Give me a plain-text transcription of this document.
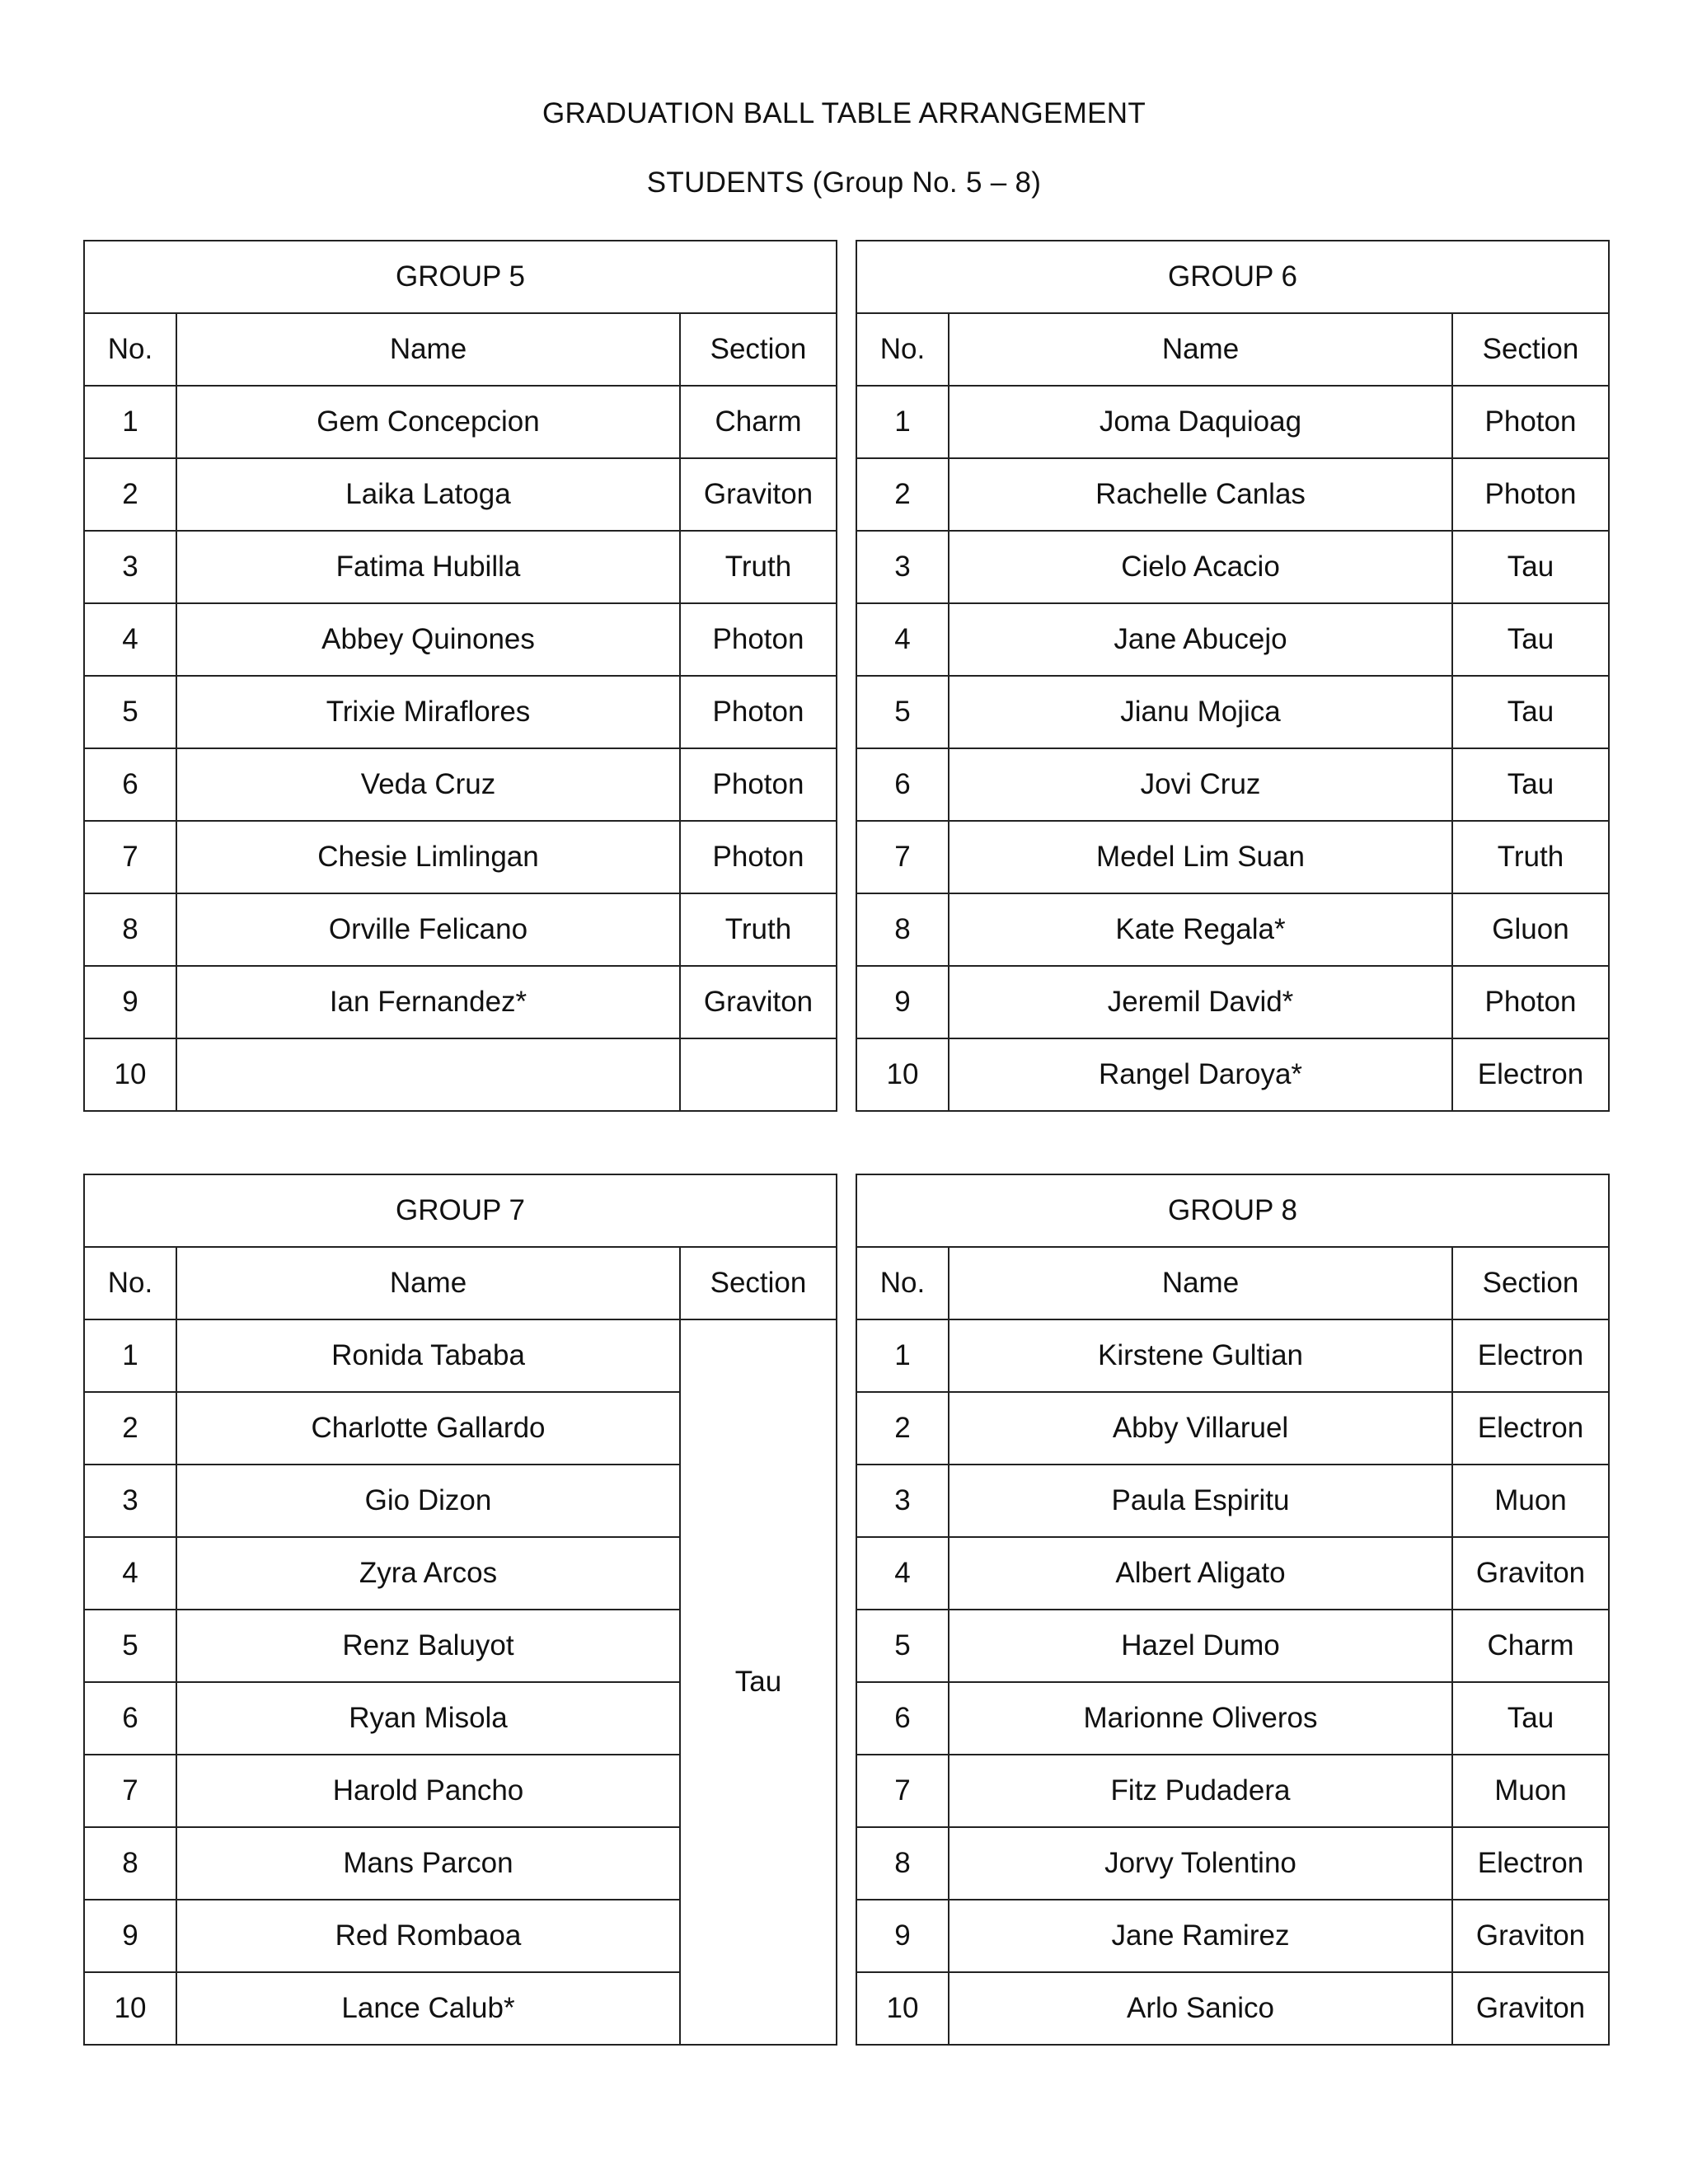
GRADUATION BALL TABLE ARRANGEMENT
STUDENTS (Group No. 5 – 8)
GROUP 5		
No.	Name	Section
1	Gem Concepcion	Charm
2	Laika Latoga	Graviton
3	Fatima Hubilla	Truth
4	Abbey Quinones	Photon
5	Trixie Miraflores	Photon
6	Veda Cruz	Photon
7	Chesie Limlingan	Photon
8	Orville Felicano	Truth
9	Ian Fernandez*	Graviton
10		
GROUP 6		
No.	Name	Section
1	Joma Daquioag	Photon
2	Rachelle Canlas	Photon
3	Cielo Acacio	Tau
4	Jane Abucejo	Tau
5	Jianu Mojica	Tau
6	Jovi Cruz	Tau
7	Medel Lim Suan	Truth
8	Kate Regala*	Gluon
9	Jeremil David*	Photon
10	Rangel Daroya*	Electron
GROUP 7		
No.	Name	Section
1	Ronida Tababa	Tau
2	Charlotte Gallardo	
3	Gio Dizon	
4	Zyra Arcos	
5	Renz Baluyot	
6	Ryan Misola	
7	Harold Pancho	
8	Mans Parcon	
9	Red Rombaoa	
10	Lance Calub*	
GROUP 8		
No.	Name	Section
1	Kirstene Gultian	Electron
2	Abby Villaruel	Electron
3	Paula Espiritu	Muon
4	Albert Aligato	Graviton
5	Hazel Dumo	Charm
6	Marionne Oliveros	Tau
7	Fitz Pudadera	Muon
8	Jorvy Tolentino	Electron
9	Jane Ramirez	Graviton
10	Arlo Sanico	Graviton
